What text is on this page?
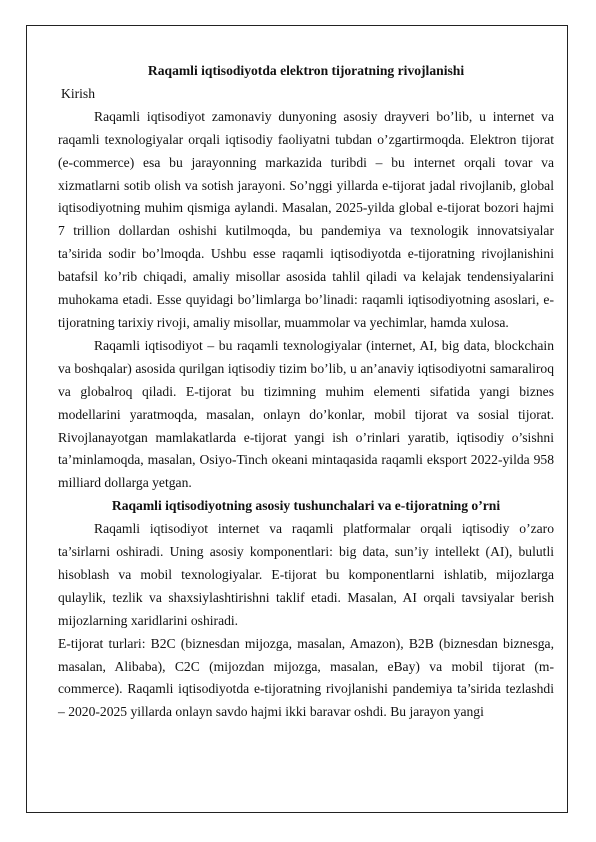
Raqamli iqtisodiyotda elektron tijoratning rivojlanishi

Kirish

Raqamli iqtisodiyot zamonaviy dunyoning asosiy drayveri bo’lib, u internet va raqamli texnologiyalar orqali iqtisodiy faoliyatni tubdan o’zgartirmoqda. Elektron tijorat (e-commerce) esa bu jarayonning markazida turibdi – bu internet orqali tovar va xizmatlarni sotib olish va sotish jarayoni. So’nggi yillarda e-tijorat jadal rivojlanib, global iqtisodiyotning muhim qismiga aylandi. Masalan, 2025-yilda global e-tijorat bozori hajmi 7 trillion dollardan oshishi kutilmoqda, bu pandemiya va texnologik innovatsiyalar ta’sirida sodir bo’lmoqda. Ushbu esse raqamli iqtisodiyotda e-tijoratning rivojlanishini batafsil ko’rib chiqadi, amaliy misollar asosida tahlil qiladi va kelajak tendensiyalarini muhokama etadi. Esse quyidagi bo’limlarga bo’linadi: raqamli iqtisodiyotning asoslari, e-tijoratning tarixiy rivoji, amaliy misollar, muammolar va yechimlar, hamda xulosa.

Raqamli iqtisodiyot – bu raqamli texnologiyalar (internet, AI, big data, blockchain va boshqalar) asosida qurilgan iqtisodiy tizim bo’lib, u an’anaviy iqtisodiyotni samaraliroq va globalroq qiladi. E-tijorat bu tizimning muhim elementi sifatida yangi biznes modellarini yaratmoqda, masalan, onlayn do’konlar, mobil tijorat va sosial tijorat. Rivojlanayotgan mamlakatlarda e-tijorat yangi ish o’rinlari yaratib, iqtisodiy o’sishni ta’minlamoqda, masalan, Osiyo-Tinch okeani mintaqasida raqamli eksport 2022-yilda 958 milliard dollarga yetgan.

Raqamli iqtisodiyotning asosiy tushunchalari va e-tijoratning o’rni

Raqamli iqtisodiyot internet va raqamli platformalar orqali iqtisodiy o’zaro ta’sirlarni oshiradi. Uning asosiy komponentlari: big data, sun’iy intellekt (AI), bulutli hisoblash va mobil texnologiyalar. E-tijorat bu komponentlarni ishlatib, mijozlarga qulaylik, tezlik va shaxsiylashtirishni taklif etadi. Masalan, AI orqali tavsiyalar berish mijozlarning xaridlarini oshiradi.

E-tijorat turlari: B2C (biznesdan mijozga, masalan, Amazon), B2B (biznesdan biznesga, masalan, Alibaba), C2C (mijozdan mijozga, masalan, eBay) va mobil tijorat (m-commerce). Raqamli iqtisodiyotda e-tijoratning rivojlanishi pandemiya ta’sirida tezlashdi – 2020-2025 yillarda onlayn savdo hajmi ikki baravar oshdi. Bu jarayon yangi
